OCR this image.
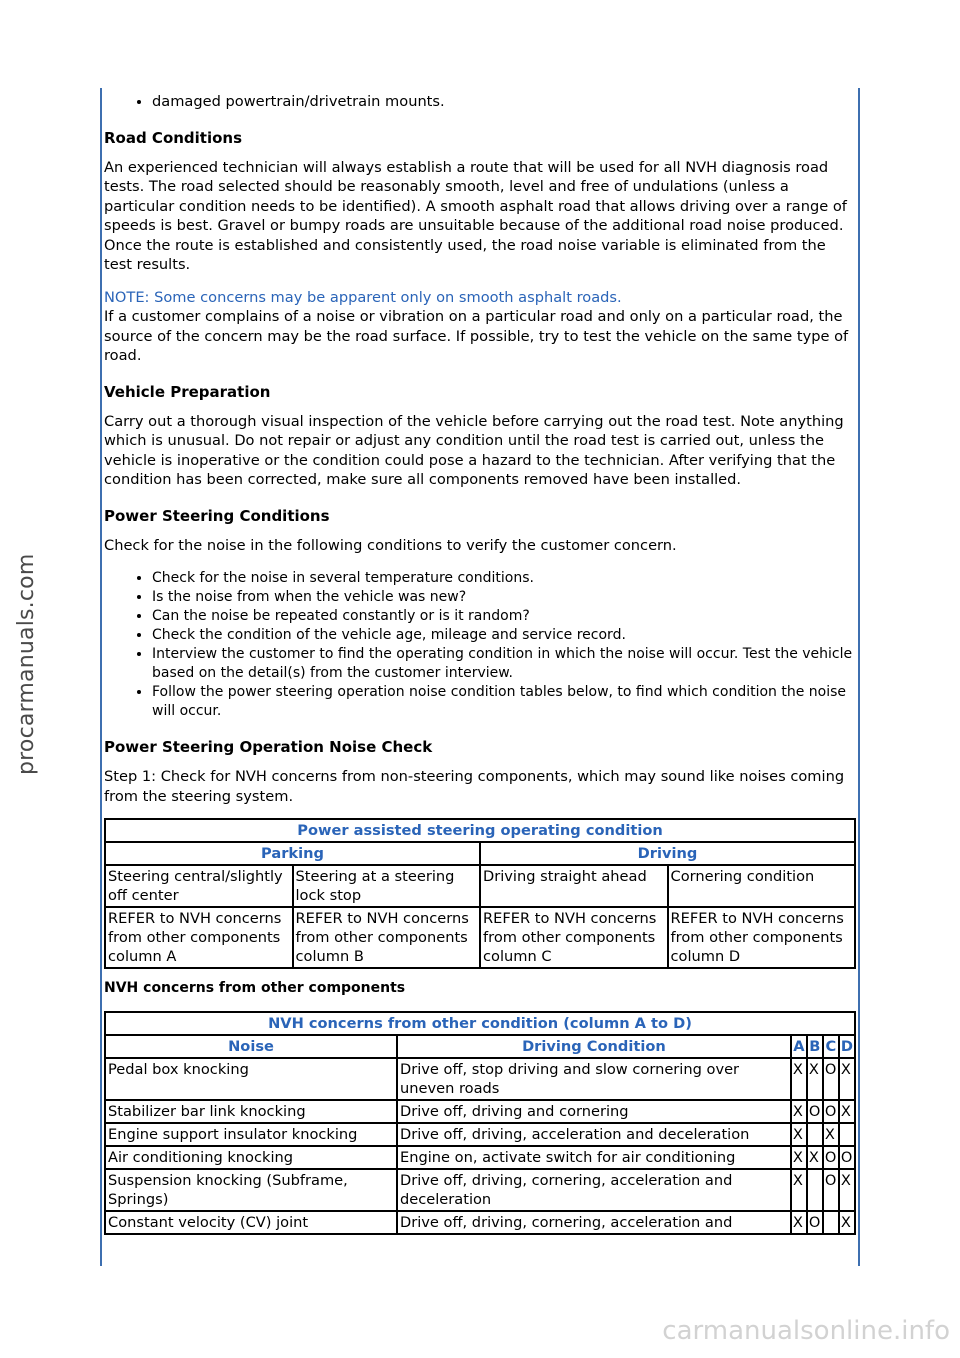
• damaged powertrain/drivetrain mounts.
Road Conditions

An experienced technician will always establish a route that will be used for all NVH diagnosis road tests. The road selected should be reasonably smooth, level and free of undulations (unless a particular condition needs to be identified). A smooth asphalt road that allows driving over a range of speeds is best. Gravel or bumpy roads are unsuitable because of the additional road noise produced. Once the route is established and consistently used, the road noise variable is eliminated from the test results.

NOTE: Some concerns may be apparent only on smooth asphalt roads.

If a customer complains of a noise or vibration on a particular road and only on a particular road, the source of the concern may be the road surface. If possible, try to test the vehicle on the same type of road.

Vehicle Preparation

Carry out a thorough visual inspection of the vehicle before carrying out the road test. Note anything which is unusual. Do not repair or adjust any condition until the road test is carried out, unless the vehicle is inoperative or the condition could pose a hazard to the technician. After verifying that the condition has been corrected, make sure all components removed have been installed.

Power Steering Conditions

Check for the noise in the following conditions to verify the customer concern.

• Check for the noise in several temperature conditions.
• Is the noise from when the vehicle was new?
• Can the noise be repeated constantly or is it random?
• Check the condition of the vehicle age, mileage and service record.
• Interview the customer to find the operating condition in which the noise will occur. Test the vehicle based on the detail(s) from the customer interview.
• Follow the power steering operation noise condition tables below, to find which condition the noise will occur.
Power Steering Operation Noise Check

Step 1: Check for NVH concerns from non-steering components, which may sound like noises coming from the steering system.

Power assisted steering operating condition			
Parking		Driving	
Steering central/slightly off center	Steering at a steering lock stop	Driving straight ahead	Cornering condition
REFER to NVH concerns from other components column A	REFER to NVH concerns from other components column B	REFER to NVH concerns from other components column C	REFER to NVH concerns from other components column D
NVH concerns from other components
NVH concerns from other condition (column A to D)					
Noise	Driving Condition	A	B	C	D
Pedal box knocking	Drive off, stop driving and slow cornering over uneven roads	X	X	O	X
Stabilizer bar link knocking	Drive off, driving and cornering	X	O	O	X
Engine support insulator knocking	Drive off, driving, acceleration and deceleration	X		X	
Air conditioning knocking	Engine on, activate switch for air conditioning	X	X	O	O
Suspension knocking (Subframe, Springs)	Drive off, driving, cornering, acceleration and deceleration	X		O	X
Constant velocity (CV) joint	Drive off, driving, cornering, acceleration and	X	O		X
procarmanuals.com
carmanualsonline.info
